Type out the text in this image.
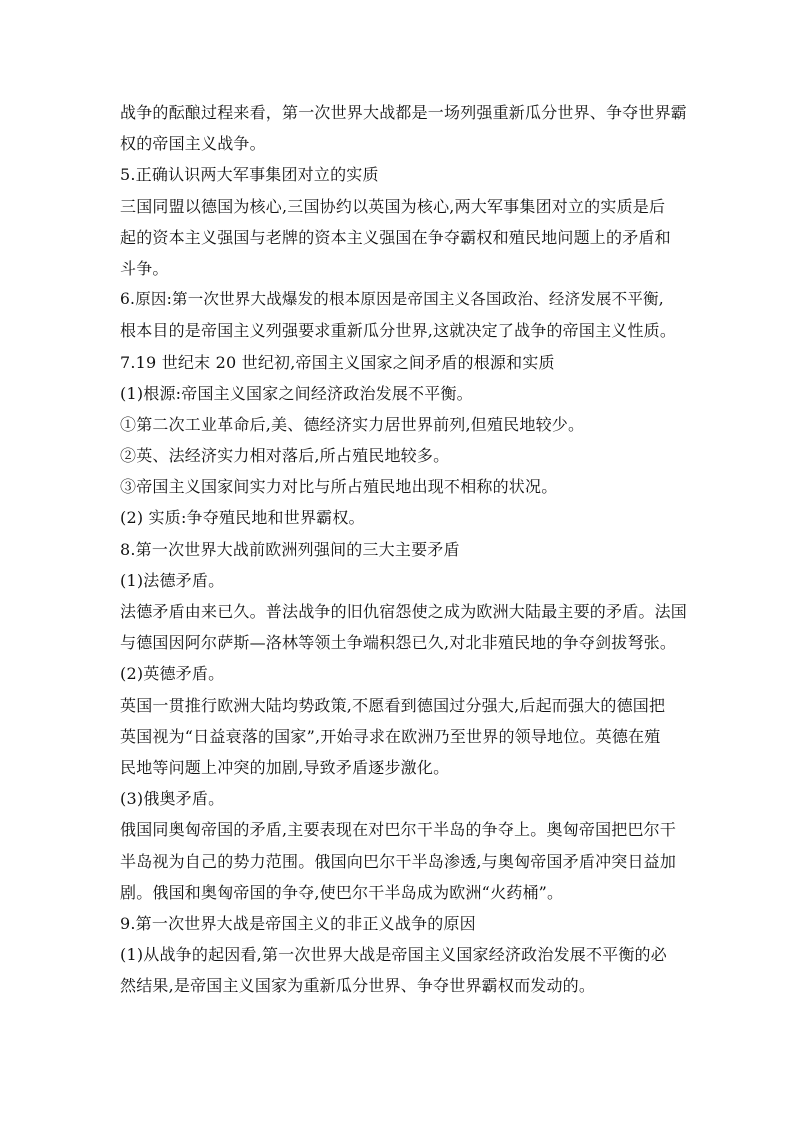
战争的酝酿过程来看，第一次世界大战都是一场列强重新瓜分世界、争夺世界霸
权的帝国主义战争。
5.正确认识两大军事集团对立的实质
三国同盟以德国为核心,三国协约以英国为核心,两大军事集团对立的实质是后
起的资本主义强国与老牌的资本主义强国在争夺霸权和殖民地问题上的矛盾和
斗争。
6.原因:第一次世界大战爆发的根本原因是帝国主义各国政治、经济发展不平衡,
根本目的是帝国主义列强要求重新瓜分世界,这就决定了战争的帝国主义性质。
7.19 世纪末 20 世纪初,帝国主义国家之间矛盾的根源和实质
(1)根源:帝国主义国家之间经济政治发展不平衡。
①第二次工业革命后,美、德经济实力居世界前列,但殖民地较少。
②英、法经济实力相对落后,所占殖民地较多。
③帝国主义国家间实力对比与所占殖民地出现不相称的状况。
(2) 实质:争夺殖民地和世界霸权。
8.第一次世界大战前欧洲列强间的三大主要矛盾
(1)法德矛盾。
法德矛盾由来已久。普法战争的旧仇宿怨使之成为欧洲大陆最主要的矛盾。法国
与德国因阿尔萨斯—洛林等领土争端积怨已久,对北非殖民地的争夺剑拔弩张。
(2)英德矛盾。
英国一贯推行欧洲大陆均势政策,不愿看到德国过分强大,后起而强大的德国把
英国视为“日益衰落的国家”,开始寻求在欧洲乃至世界的领导地位。英德在殖
民地等问题上冲突的加剧,导致矛盾逐步激化。
(3)俄奥矛盾。
俄国同奥匈帝国的矛盾,主要表现在对巴尔干半岛的争夺上。奥匈帝国把巴尔干
半岛视为自己的势力范围。俄国向巴尔干半岛渗透,与奥匈帝国矛盾冲突日益加
剧。俄国和奥匈帝国的争夺,使巴尔干半岛成为欧洲“火药桶”。
9.第一次世界大战是帝国主义的非正义战争的原因
(1)从战争的起因看,第一次世界大战是帝国主义国家经济政治发展不平衡的必
然结果,是帝国主义国家为重新瓜分世界、争夺世界霸权而发动的。
